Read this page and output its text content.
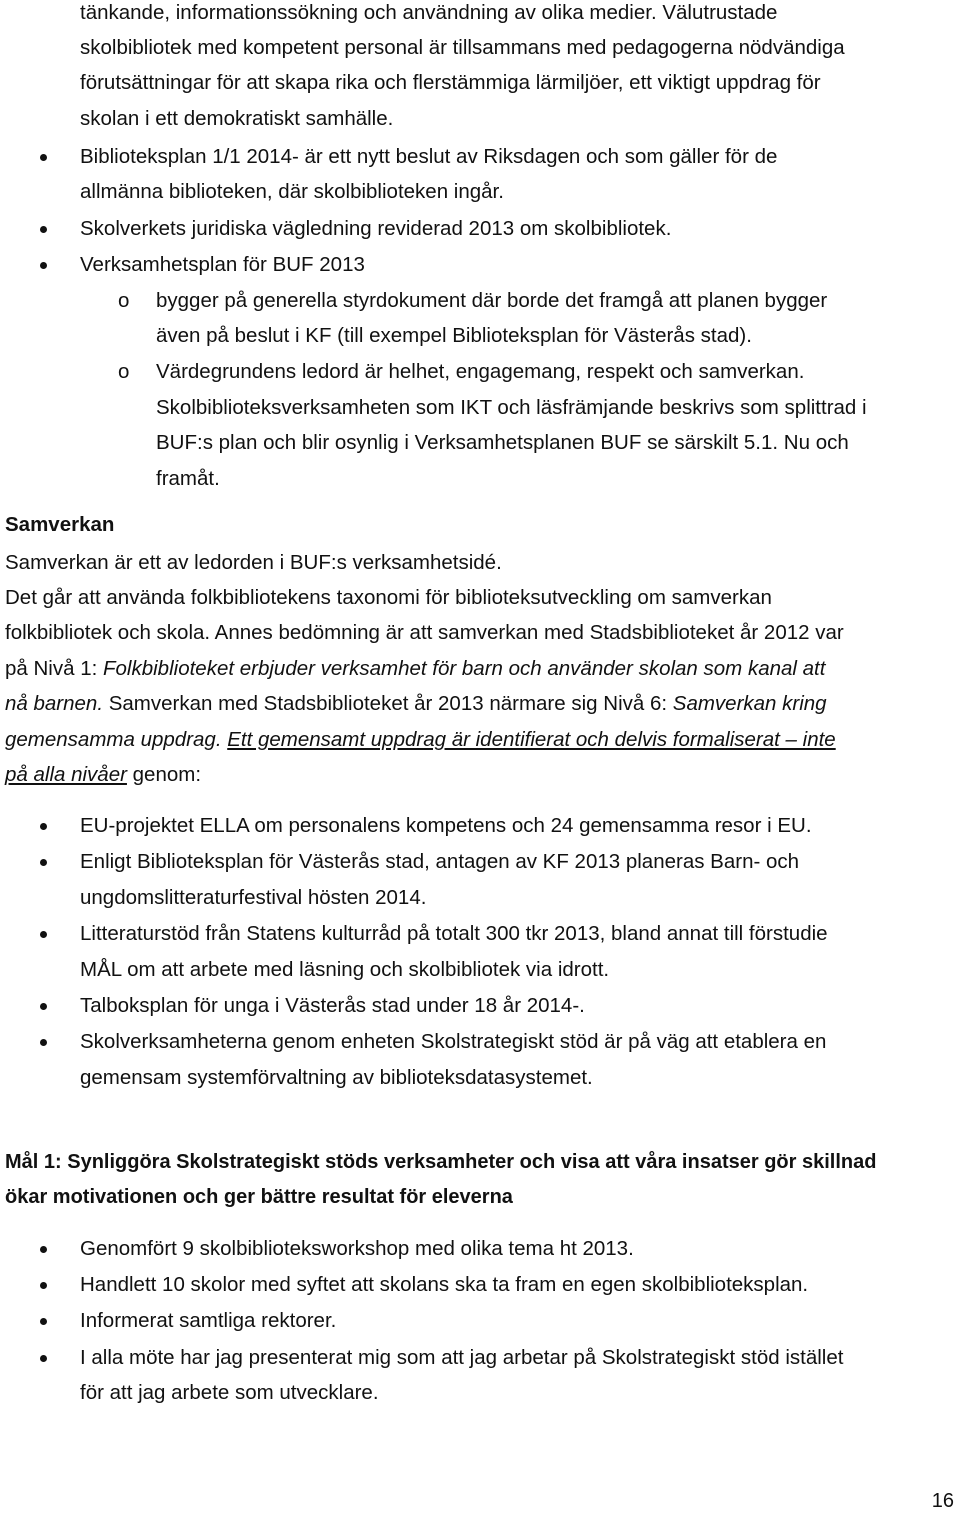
tänkande, informationssökning och användning av olika medier. Välutrustade
skolbibliotek med kompetent personal är tillsammans med pedagogerna nödvändiga
förutsättningar för att skapa rika och flerstämmiga lärmiljöer, ett viktigt uppdrag för
skolan i ett demokratiskt samhälle.
Biblioteksplan 1/1 2014- är ett nytt beslut av Riksdagen och som gäller för de
allmänna biblioteken, där skolbiblioteken ingår.
Skolverkets juridiska vägledning reviderad 2013 om skolbibliotek.
Verksamhetsplan för BUF 2013
o bygger på generella styrdokument där borde det framgå att planen bygger
även på beslut i KF (till exempel Biblioteksplan för Västerås stad).
o Värdegrundens ledord är helhet, engagemang, respekt och samverkan.
Skolbiblioteksverksamheten som IKT och läsfrämjande beskrivs som splittrad i
BUF:s plan och blir osynlig i Verksamhetsplanen BUF se särskilt 5.1. Nu och
framåt.
Samverkan
Samverkan är ett av ledorden i BUF:s verksamhetsidé.
Det går att använda folkbibliotekens taxonomi för biblioteksutveckling om samverkan
folkbibliotek och skola. Annes bedömning är att samverkan med Stadsbiblioteket år 2012 var
på Nivå 1: Folkbiblioteket erbjuder verksamhet för barn och använder skolan som kanal att
nå barnen. Samverkan med Stadsbiblioteket år 2013 närmare sig Nivå 6: Samverkan kring
gemensamma uppdrag. Ett gemensamt uppdrag är identifierat och delvis formaliserat – inte
på alla nivåer genom:
EU-projektet ELLA om personalens kompetens och 24 gemensamma resor i EU.
Enligt Biblioteksplan för Västerås stad, antagen av KF 2013 planeras Barn- och
ungdomslitteraturfestival hösten 2014.
Litteraturstöd från Statens kulturråd på totalt 300 tkr 2013, bland annat till förstudie
MÅL om att arbete med läsning och skolbibliotek via idrott.
Talboksplan för unga i Västerås stad under 18 år 2014-.
Skolverksamheterna genom enheten Skolstrategiskt stöd är på väg att etablera en
gemensam systemförvaltning av biblioteksdatasystemet.
Mål 1: Synliggöra Skolstrategiskt stöds verksamheter och visa att våra insatser gör skillnad
ökar motivationen och ger bättre resultat för eleverna
Genomfört 9 skolbiblioteksworkshop med olika tema ht 2013.
Handlett 10 skolor med syftet att skolans ska ta fram en egen skolbiblioteksplan.
Informerat samtliga rektorer.
I alla möte har jag presenterat mig som att jag arbetar på Skolstrategiskt stöd istället
för att jag arbete som utvecklare.
16
